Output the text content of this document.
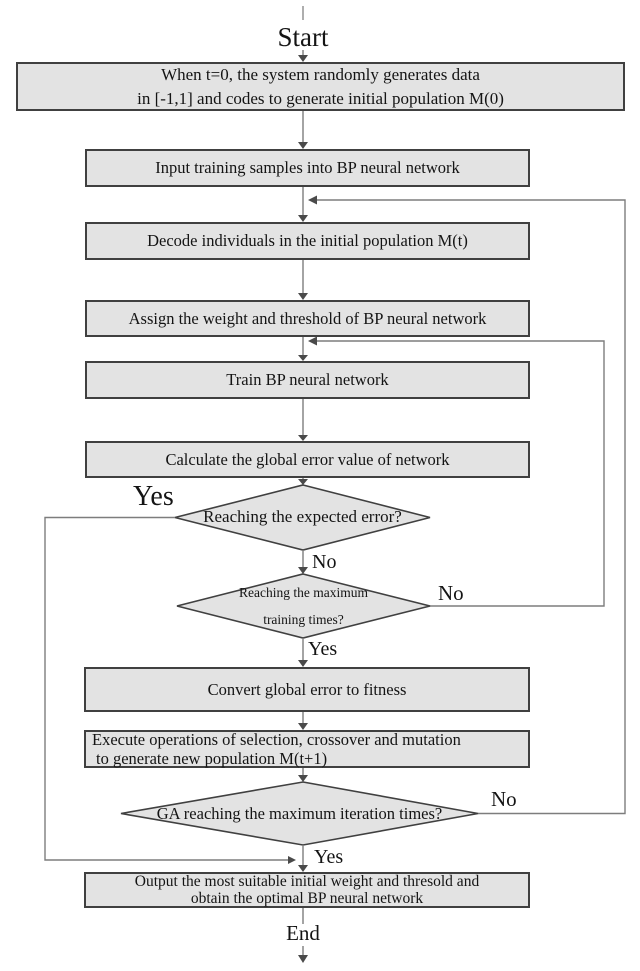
Start
End
When t=0, the system randomly generates data
in [-1,1] and codes to generate initial population M(0)
Input training samples into BP neural network
Decode individuals in the initial population M(t)
Assign the weight and threshold of BP neural network
Train BP neural network
Calculate the global error value of network
Convert global error to fitness
Execute operations of selection, crossover and mutation
to generate new population M(t+1)
Output the most suitable initial weight and thresold and
obtain the optimal BP neural network
Reaching the expected error?
Reaching the maximum
training times?
GA reaching the maximum iteration times?
Yes
No
No
Yes
No
Yes
